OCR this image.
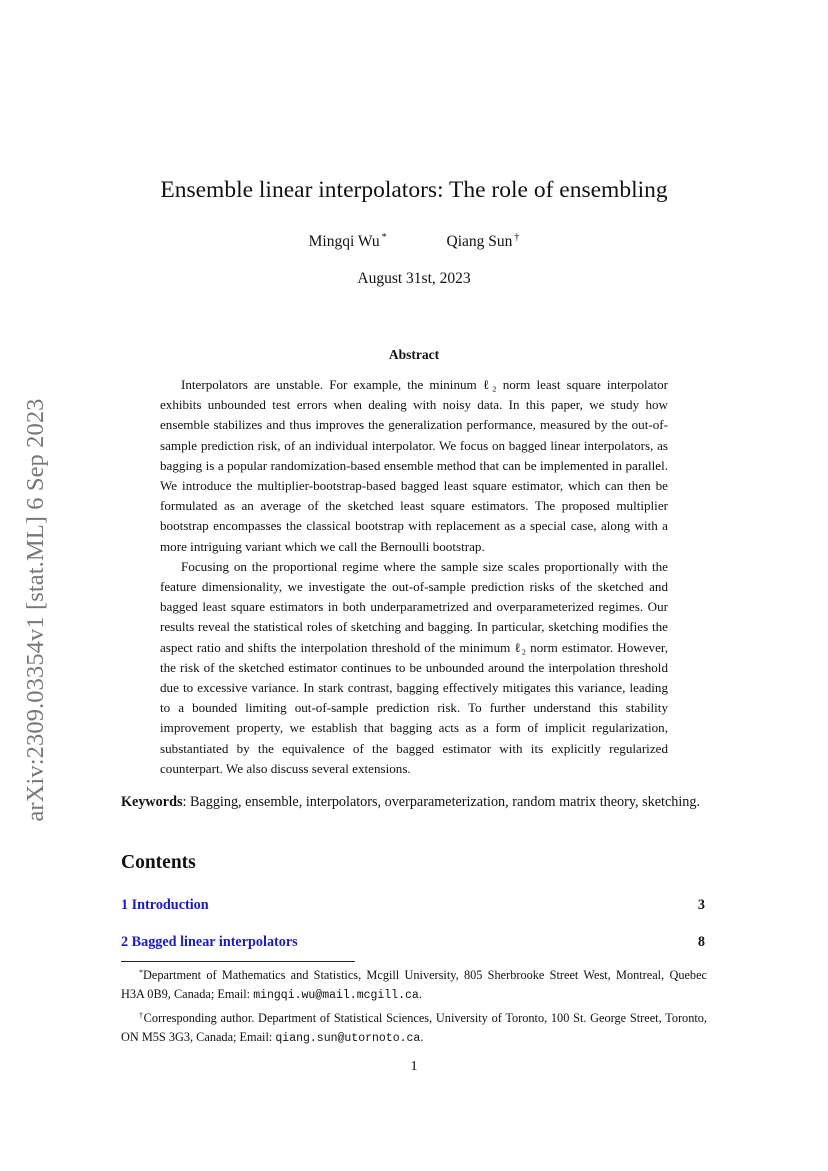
arXiv:2309.03354v1 [stat.ML] 6 Sep 2023
Ensemble linear interpolators: The role of ensembling
Mingqi Wu *	Qiang Sun †
August 31st, 2023
Abstract

Interpolators are unstable. For example, the mininum ℓ₂ norm least square interpolator exhibits unbounded test errors when dealing with noisy data. In this paper, we study how ensemble stabilizes and thus improves the generalization performance, measured by the out-of-sample prediction risk, of an individual interpolator. We focus on bagged linear interpolators, as bagging is a popular randomization-based ensemble method that can be implemented in parallel. We introduce the multiplier-bootstrap-based bagged least square estimator, which can then be formulated as an average of the sketched least square estimators. The proposed multiplier bootstrap encompasses the classical bootstrap with replacement as a special case, along with a more intriguing variant which we call the Bernoulli bootstrap.

Focusing on the proportional regime where the sample size scales proportionally with the feature dimensionality, we investigate the out-of-sample prediction risks of the sketched and bagged least square estimators in both underparametrized and overparameterized regimes. Our results reveal the statistical roles of sketching and bagging. In particular, sketching modifies the aspect ratio and shifts the interpolation threshold of the minimum ℓ₂ norm estimator. However, the risk of the sketched estimator continues to be unbounded around the interpolation threshold due to excessive variance. In stark contrast, bagging effectively mitigates this variance, leading to a bounded limiting out-of-sample prediction risk. To further understand this stability improvement property, we establish that bagging acts as a form of implicit regularization, substantiated by the equivalence of the bagged estimator with its explicitly regularized counterpart. We also discuss several extensions.

Keywords: Bagging, ensemble, interpolators, overparameterization, random matrix theory, sketching.

Contents
1 Introduction	3
2 Bagged linear interpolators	8

*Department of Mathematics and Statistics, Mcgill University, 805 Sherbrooke Street West, Montreal, Quebec H3A 0B9, Canada; Email: mingqi.wu@mail.mcgill.ca.

†Corresponding author. Department of Statistical Sciences, University of Toronto, 100 St. George Street, Toronto, ON M5S 3G3, Canada; Email: qiang.sun@utornoto.ca.

1
